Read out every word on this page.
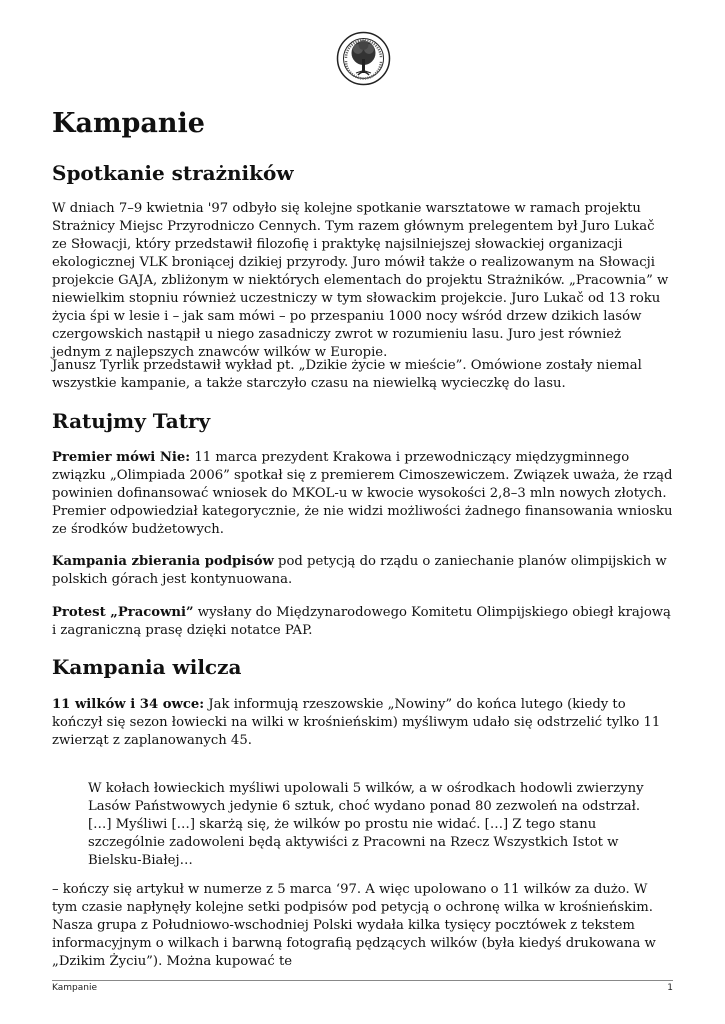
Kampanie
Spotkanie strażników

W dniach 7–9 kwietnia '97 odbyło się kolejne spotkanie warsztatowe w ramach projektu Strażnicy Miejsc Przyrodniczo Cennych. Tym razem głównym prelegentem był Juro Lukač ze Słowacji, który przedstawił filozofię i praktykę najsilniejszej słowackiej organizacji ekologicznej VLK broniącej dzikiej przyrody. Juro mówił także o realizowanym na Słowacji projekcie GAJA, zbliżonym w niektórych elementach do projektu Strażników. „Pracownia” w niewielkim stopniu również uczestniczy w tym słowackim projekcie. Juro Lukač od 13 roku życia śpi w lesie i – jak sam mówi – po przespaniu 1000 nocy wśród drzew dzikich lasów czergowskich nastąpił u niego zasadniczy zwrot w rozumieniu lasu. Juro jest również jednym z najlepszych znawców wilków w Europie.

Janusz Tyrlik przedstawił wykład pt. „Dzikie życie w mieście”. Omówione zostały niemal wszystkie kampanie, a także starczyło czasu na niewielką wycieczkę do lasu.

Ratujmy Tatry

Premier mówi Nie: 11 marca prezydent Krakowa i przewodniczący międzygminnego związku „Olimpiada 2006” spotkał się z premierem Cimoszewiczem. Związek uważa, że rząd powinien dofinansować wniosek do MKOL-u w kwocie wysokości 2,8–3 mln nowych złotych. Premier odpowiedział kategorycznie, że nie widzi możliwości żadnego finansowania wniosku ze środków budżetowych.

Kampania zbierania podpisów pod petycją do rządu o zaniechanie planów olimpijskich w polskich górach jest kontynuowana.

Protest „Pracowni” wysłany do Międzynarodowego Komitetu Olimpijskiego obiegł krajową i zagraniczną prasę dzięki notatce PAP.

Kampania wilcza

11 wilków i 34 owce: Jak informują rzeszowskie „Nowiny” do końca lutego (kiedy to kończył się sezon łowiecki na wilki w krośnieńskim) myśliwym udało się odstrzelić tylko 11 zwierząt z zaplanowanych 45.

W kołach łowieckich myśliwi upolowali 5 wilków, a w ośrodkach hodowli zwierzyny Lasów Państwowych jedynie 6 sztuk, choć wydano ponad 80 zezwoleń na odstrzał. […] Myśliwi […] skarżą się, że wilków po prostu nie widać. […] Z tego stanu szczególnie zadowoleni będą aktywiści z Pracowni na Rzecz Wszystkich Istot w Bielsku-Białej…

– kończy się artykuł w numerze z 5 marca ‘97. A więc upolowano o 11 wilków za dużo. W tym czasie napłynęły kolejne setki podpisów pod petycją o ochronę wilka w krośnieńskim. Nasza grupa z Południowo-wschodniej Polski wydała kilka tysięcy pocztówek z tekstem informacyjnym o wilkach i barwną fotografią pędzących wilków (była kiedyś drukowana w „Dzikim Życiu”). Można kupować te

Kampanie	1
